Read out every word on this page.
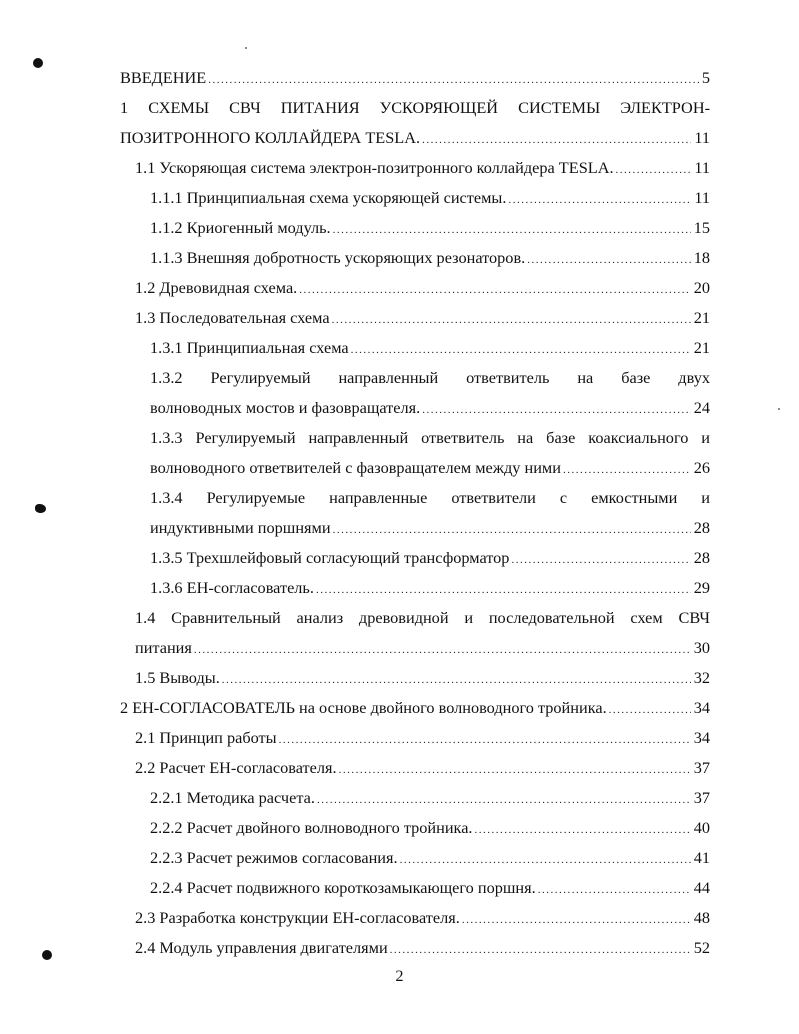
ВВЕДЕНИЕ .....	5
1 СХЕМЫ СВЧ ПИТАНИЯ УСКОРЯЮЩЕЙ СИСТЕМЫ ЭЛЕКТРОН-
ПОЗИТРОННОГО КОЛЛАЙДЕРА TESLA. .....	11
1.1 Ускоряющая система электрон-позитронного коллайдера TESLA. .....	11
1.1.1 Принципиальная схема ускоряющей системы. .....	11
1.1.2 Криогенный модуль. .....	15
1.1.3 Внешняя добротность ускоряющих резонаторов. .....	18
1.2 Древовидная схема. .....	20
1.3 Последовательная схема .....	21
1.3.1 Принципиальная схема .....	21
1.3.2 Регулируемый направленный ответвитель на базе двух
волноводных мостов и фазовращателя. .....	24
1.3.3 Регулируемый направленный ответвитель на базе коаксиального и
волноводного ответвителей с фазовращателем между ними .....	26
1.3.4 Регулируемые направленные ответвители с емкостными и
индуктивными поршнями .....	28
1.3.5 Трехшлейфовый согласующий трансформатор .....	28
1.3.6 ЕН-согласователь. .....	29
1.4 Сравнительный анализ древовидной и последовательной схем СВЧ
питания .....	30
1.5 Выводы. .....	32
2 ЕН-СОГЛАСОВАТЕЛЬ на основе двойного волноводного тройника. .....	34
2.1 Принцип работы .....	34
2.2 Расчет ЕН-согласователя. .....	37
2.2.1 Методика расчета. .....	37
2.2.2 Расчет двойного волноводного тройника. .....	40
2.2.3 Расчет режимов согласования. .....	41
2.2.4 Расчет подвижного короткозамыкающего поршня. .....	44
2.3 Разработка конструкции ЕН-согласователя. .....	48
2.4 Модуль управления двигателями .....	52
2
